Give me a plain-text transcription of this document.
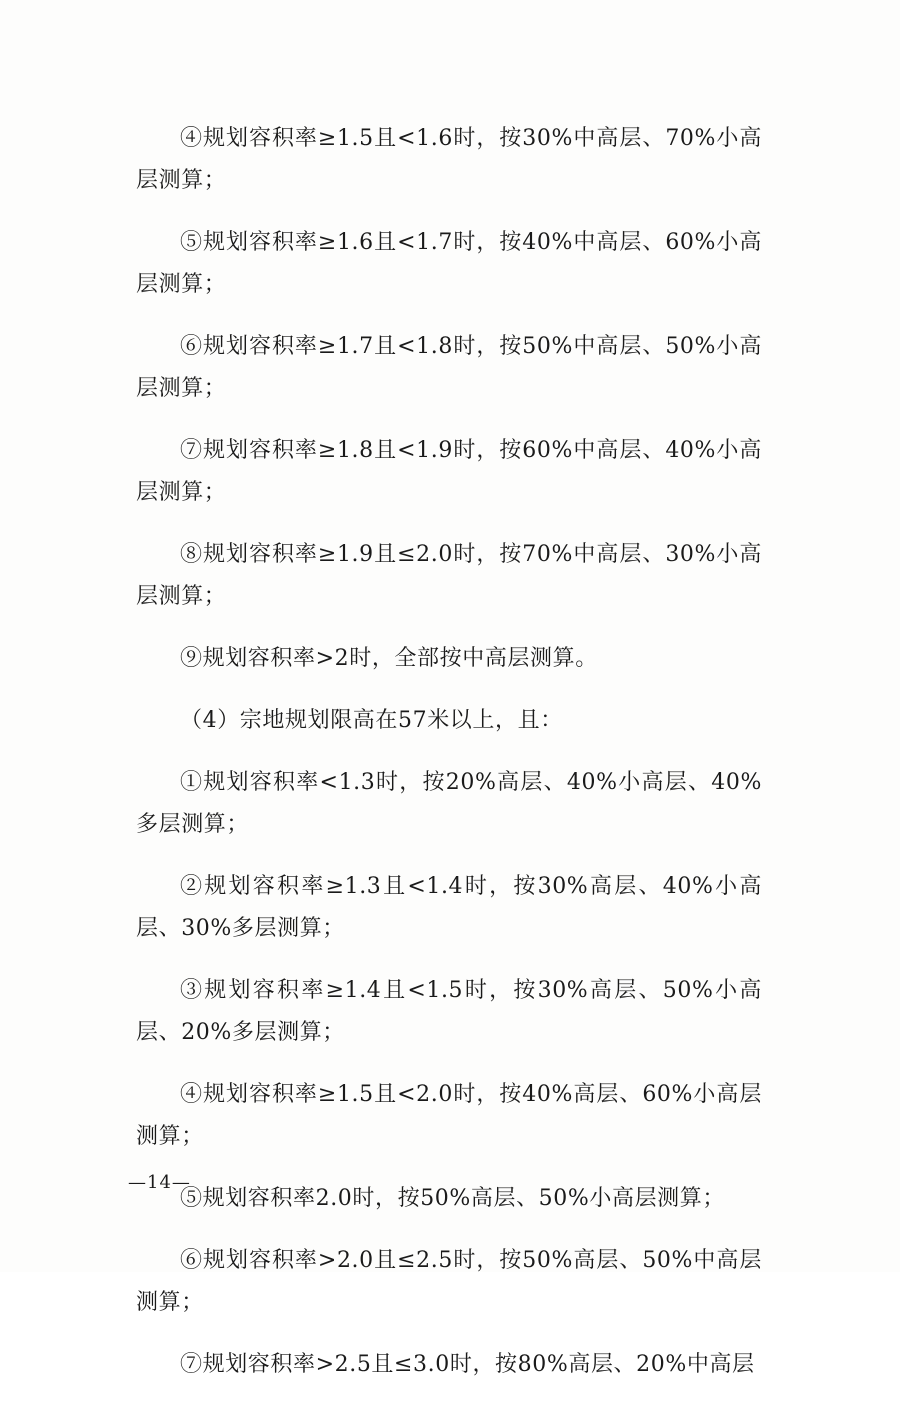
④规划容积率≥1.5且<1.6时，按30%中高层、70%小高层测算；

⑤规划容积率≥1.6且<1.7时，按40%中高层、60%小高层测算；

⑥规划容积率≥1.7且<1.8时，按50%中高层、50%小高层测算；

⑦规划容积率≥1.8且<1.9时，按60%中高层、40%小高层测算；

⑧规划容积率≥1.9且≤2.0时，按70%中高层、30%小高层测算；

⑨规划容积率>2时，全部按中高层测算。

（4）宗地规划限高在57米以上，且：

①规划容积率<1.3时，按20%高层、40%小高层、40%多层测算；

②规划容积率≥1.3且<1.4时，按30%高层、40%小高层、30%多层测算；

③规划容积率≥1.4且<1.5时，按30%高层、50%小高层、20%多层测算；

④规划容积率≥1.5且<2.0时，按40%高层、60%小高层测算；

⑤规划容积率2.0时，按50%高层、50%小高层测算；

⑥规划容积率>2.0且≤2.5时，按50%高层、50%中高层测算；

⑦规划容积率>2.5且≤3.0时，按80%高层、20%中高层

—14—
